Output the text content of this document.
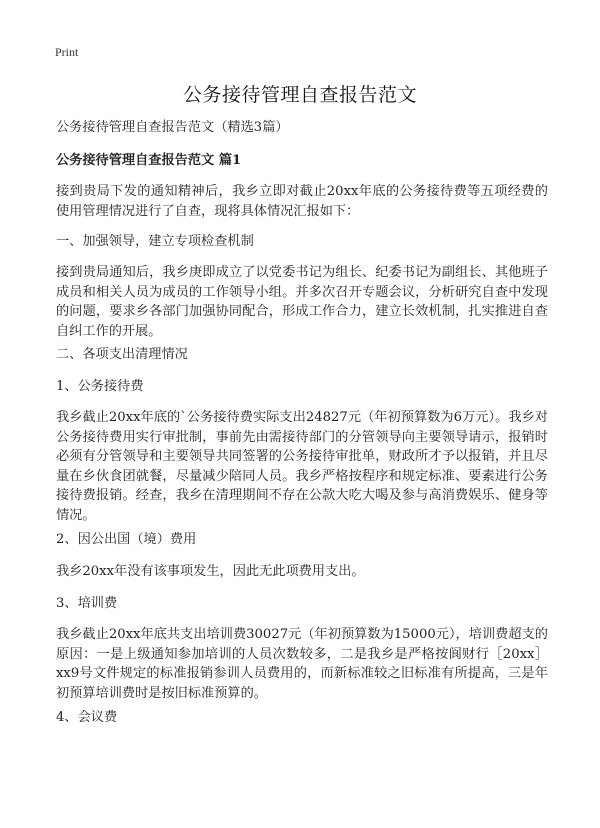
Print
公务接待管理自查报告范文

公务接待管理自查报告范文（精选3篇）

公务接待管理自查报告范文 篇1

接到贵局下发的通知精神后，我乡立即对截止20xx年底的公务接待费等五项经费的使用管理情况进行了自查，现将具体情况汇报如下：

一、加强领导，建立专项检查机制

接到贵局通知后，我乡庚即成立了以党委书记为组长、纪委书记为副组长、其他班子成员和相关人员为成员的工作领导小组。并多次召开专题会议，分析研究自查中发现的问题，要求乡各部门加强协同配合，形成工作合力，建立长效机制，扎实推进自查自纠工作的开展。

二、各项支出清理情况

1、公务接待费

我乡截止20xx年底的`公务接待费实际支出24827元（年初预算数为6万元）。我乡对公务接待费用实行审批制，事前先由需接待部门的分管领导向主要领导请示，报销时必须有分管领导和主要领导共同签署的公务接待审批单，财政所才予以报销，并且尽量在乡伙食团就餐，尽量减少陪同人员。我乡严格按程序和规定标准、要素进行公务接待费报销。经查，我乡在清理期间不存在公款大吃大喝及参与高消费娱乐、健身等情况。

2、因公出国（境）费用

我乡20xx年没有该事项发生，因此无此项费用支出。

3、培训费

我乡截止20xx年底共支出培训费30027元（年初预算数为15000元），培训费超支的原因：一是上级通知参加培训的人员次数较多，二是我乡是严格按阆财行［20xx］xx9号文件规定的标准报销参训人员费用的，而新标准较之旧标准有所提高，三是年初预算培训费时是按旧标准预算的。

4、会议费
